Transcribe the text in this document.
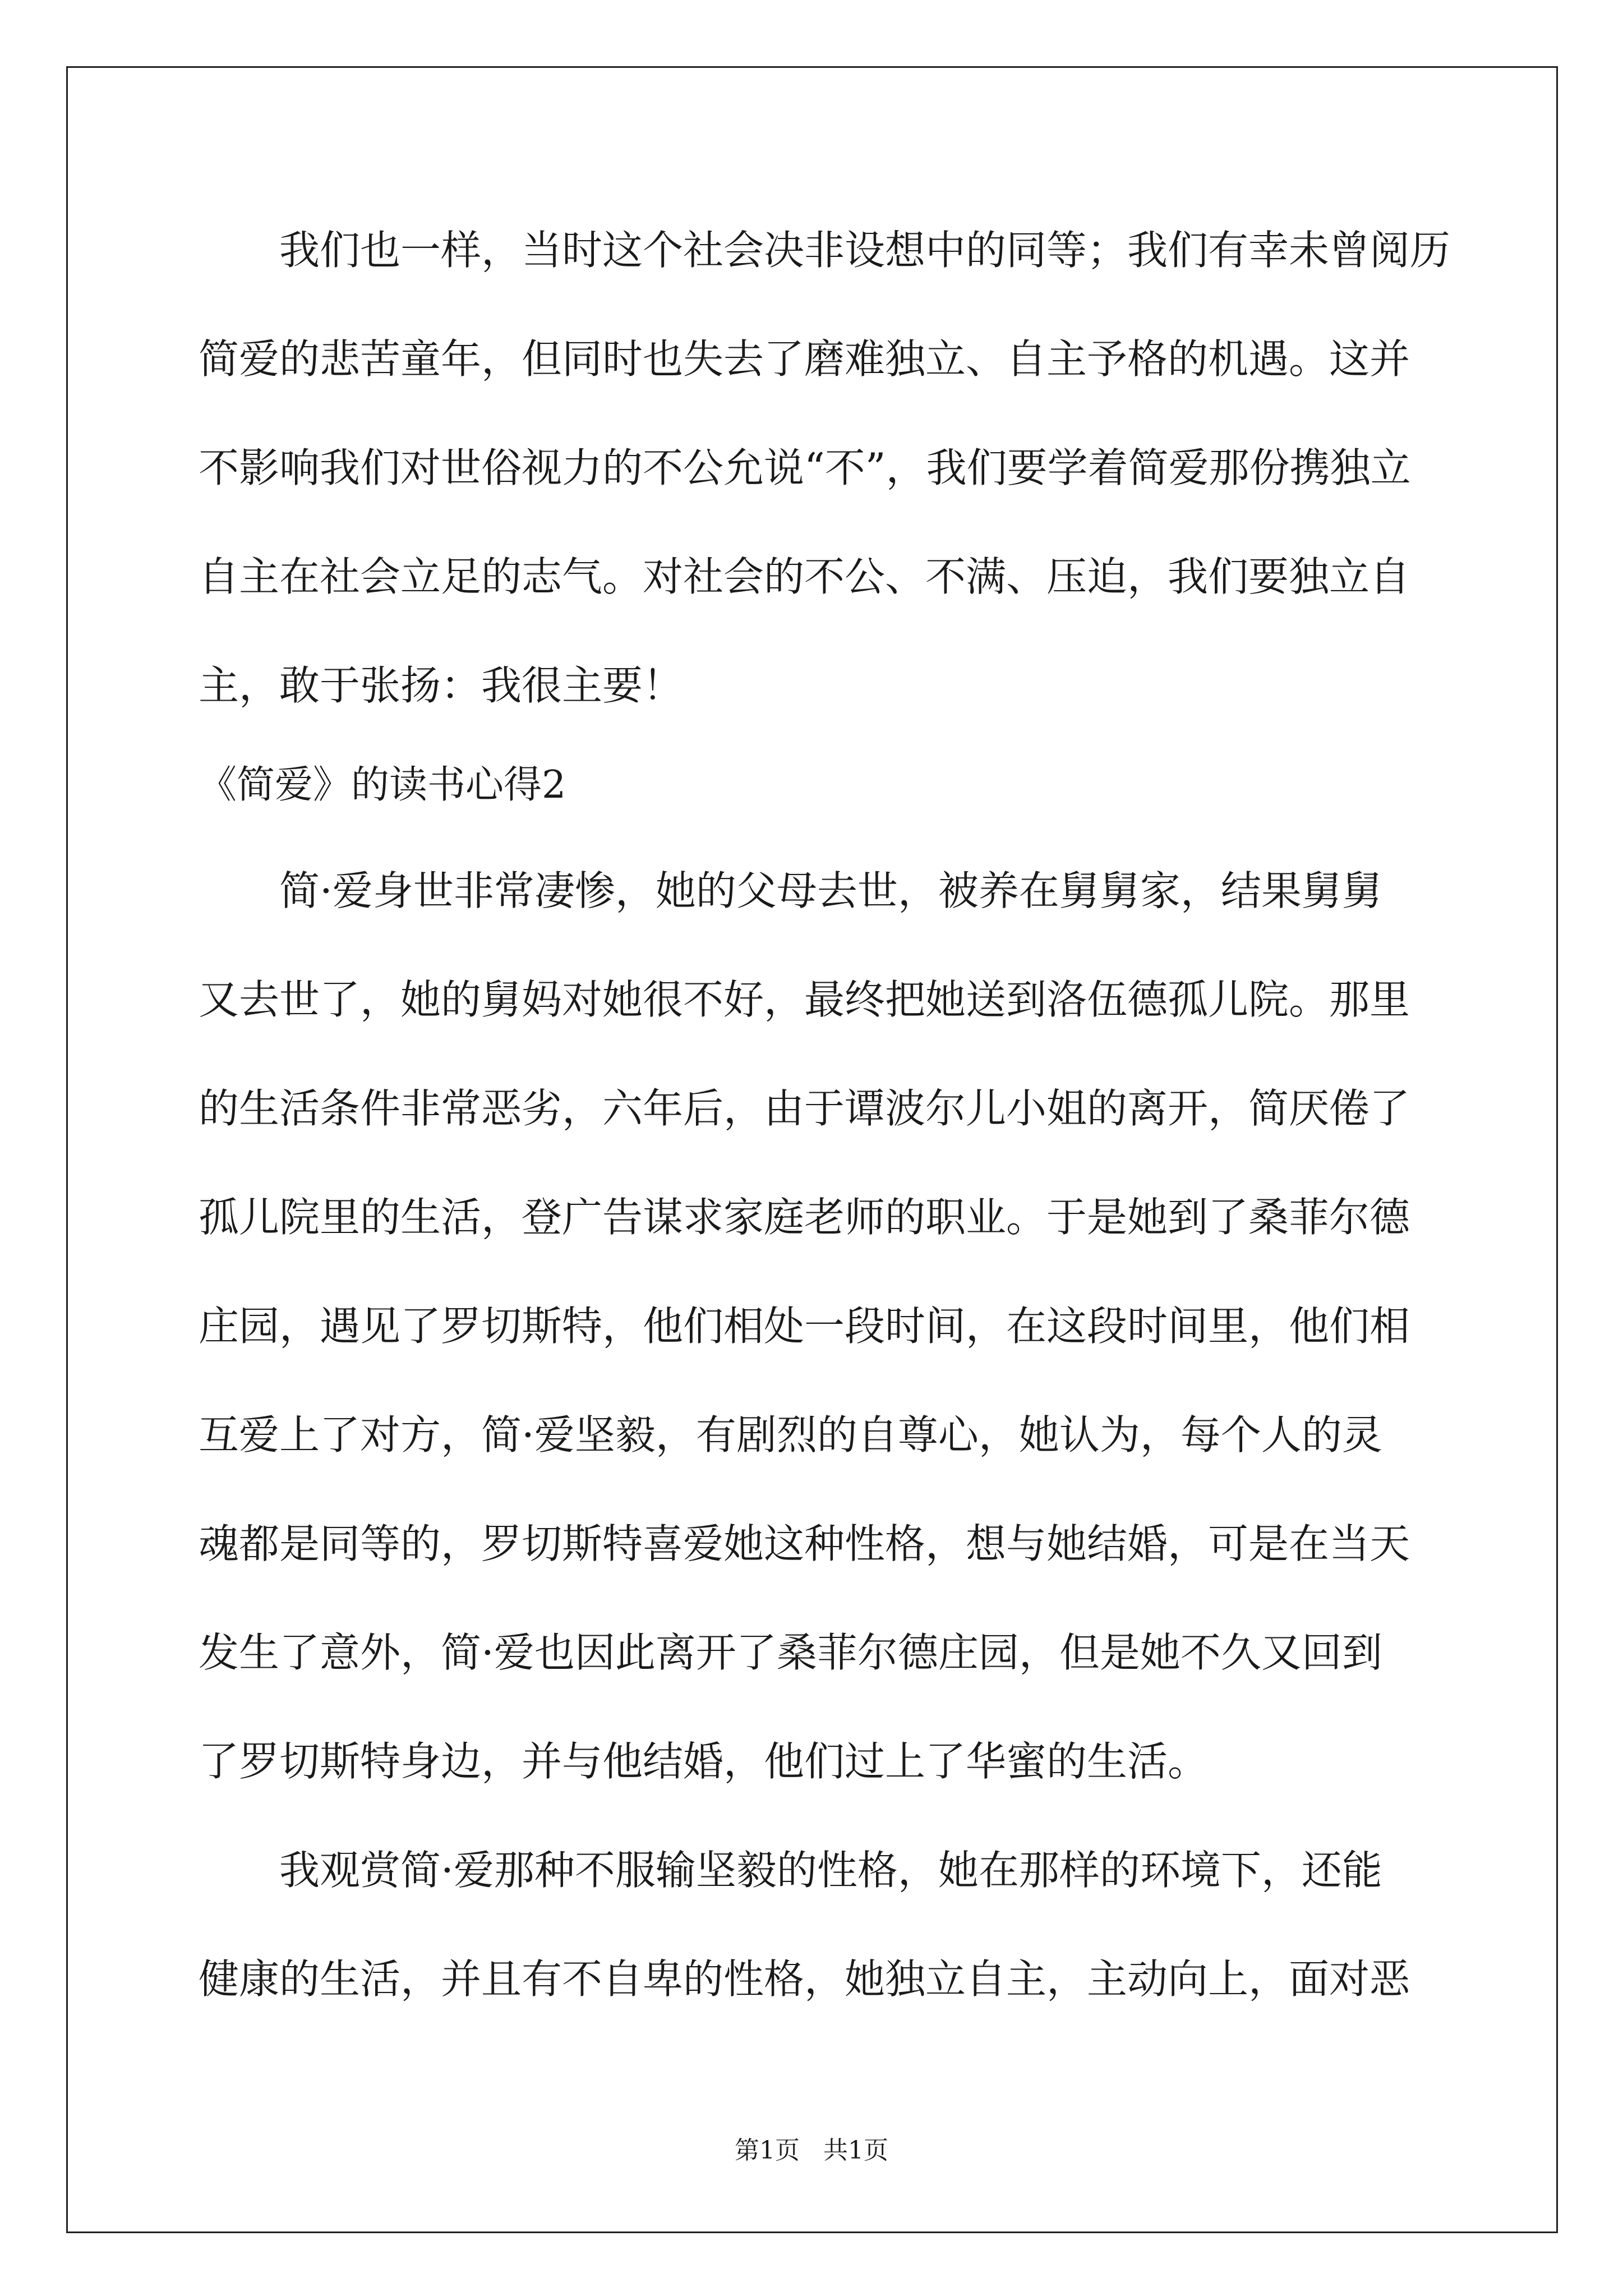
我们也一样，当时这个社会决非设想中的同等；我们有幸未曾阅历
简爱的悲苦童年，但同时也失去了磨难独立、自主予格的机遇。这并
不影响我们对世俗视力的不公允说“不”，我们要学着简爱那份携独立
自主在社会立足的志气。对社会的不公、不满、压迫，我们要独立自
主，敢于张扬：我很主要！
《简爱》的读书心得2
简·爱身世非常凄惨，她的父母去世，被养在舅舅家，结果舅舅
又去世了，她的舅妈对她很不好，最终把她送到洛伍德孤儿院。那里
的生活条件非常恶劣，六年后，由于谭波尔儿小姐的离开，简厌倦了
孤儿院里的生活，登广告谋求家庭老师的职业。于是她到了桑菲尔德
庄园，遇见了罗切斯特，他们相处一段时间，在这段时间里，他们相
互爱上了对方，简·爱坚毅，有剧烈的自尊心，她认为，每个人的灵
魂都是同等的，罗切斯特喜爱她这种性格，想与她结婚，可是在当天
发生了意外，简·爱也因此离开了桑菲尔德庄园，但是她不久又回到
了罗切斯特身边，并与他结婚，他们过上了华蜜的生活。
我观赏简·爱那种不服输坚毅的性格，她在那样的环境下，还能
健康的生活，并且有不自卑的性格，她独立自主，主动向上，面对恶
第1页   共1页
